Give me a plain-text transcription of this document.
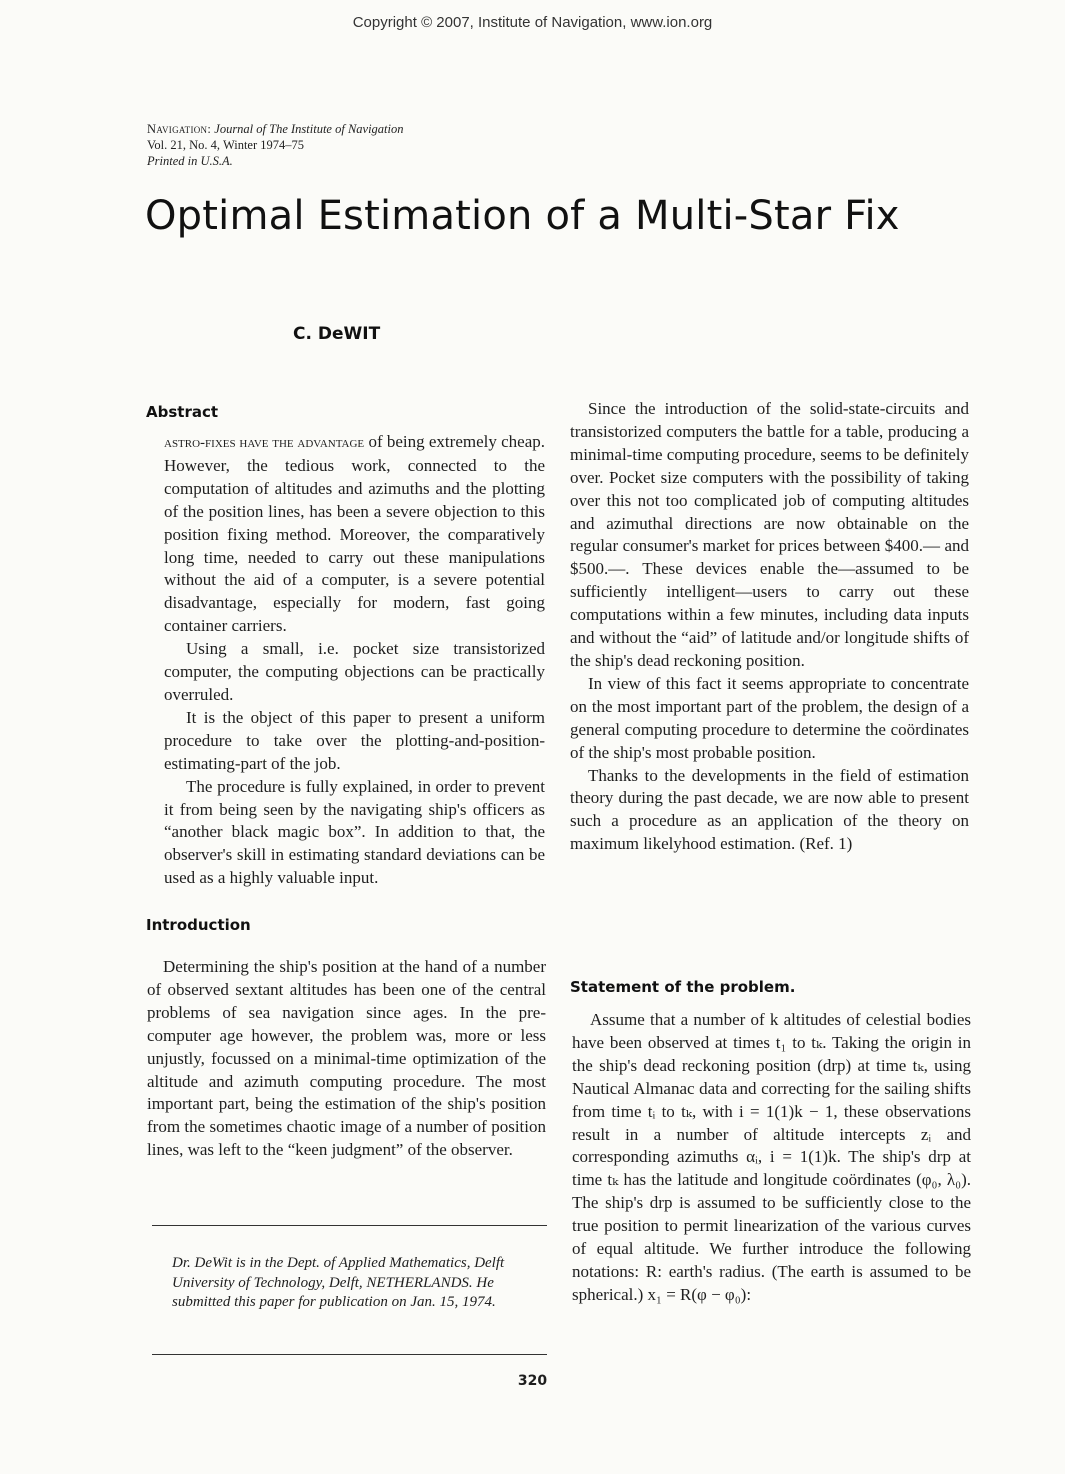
Copyright © 2007, Institute of Navigation, www.ion.org
Navigation: Journal of The Institute of Navigation
Vol. 21, No. 4, Winter 1974–75
Printed in U.S.A.
Optimal Estimation of a Multi-Star Fix
C. DeWIT
Abstract

astro-fixes have the advantage of being extremely cheap. However, the tedious work, connected to the computation of altitudes and azimuths and the plotting of the position lines, has been a severe objection to this position fixing method. Moreover, the comparatively long time, needed to carry out these manipulations without the aid of a computer, is a severe potential disadvantage, especially for modern, fast going container carriers.

Using a small, i.e. pocket size transistorized computer, the computing objections can be practically overruled.

It is the object of this paper to present a uniform procedure to take over the plotting-and-position-estimating-part of the job.

The procedure is fully explained, in order to prevent it from being seen by the navigating ship's officers as “another black magic box”. In addition to that, the observer's skill in estimating standard deviations can be used as a highly valuable input.

Introduction

Determining the ship's position at the hand of a number of observed sextant altitudes has been one of the central problems of sea navigation since ages. In the pre-computer age however, the problem was, more or less unjustly, focussed on a minimal-time optimization of the altitude and azimuth computing procedure. The most important part, being the estimation of the ship's position from the sometimes chaotic image of a number of position lines, was left to the “keen judgment” of the observer.

Dr. DeWit is in the Dept. of Applied Mathematics, Delft University of Technology, Delft, NETHERLANDS. He submitted this paper for publication on Jan. 15, 1974.

Since the introduction of the solid-state-circuits and transistorized computers the battle for a table, producing a minimal-time computing procedure, seems to be definitely over. Pocket size computers with the possibility of taking over this not too complicated job of computing altitudes and azimuthal directions are now obtainable on the regular consumer's market for prices between $400.— and $500.—. These devices enable the—assumed to be sufficiently intelligent—users to carry out these computations within a few minutes, including data inputs and without the “aid” of latitude and/or longitude shifts of the ship's dead reckoning position.

In view of this fact it seems appropriate to concentrate on the most important part of the problem, the design of a general computing procedure to determine the coördinates of the ship's most probable position.

Thanks to the developments in the field of estimation theory during the past decade, we are now able to present such a procedure as an application of the theory on maximum likelyhood estimation. (Ref. 1)

Statement of the problem.

Assume that a number of k altitudes of celestial bodies have been observed at times t₁ to tₖ. Taking the origin in the ship's dead reckoning position (drp) at time tₖ, using Nautical Almanac data and correcting for the sailing shifts from time tᵢ to tₖ, with i = 1(1)k − 1, these observations result in a number of altitude intercepts zᵢ and corresponding azimuths αᵢ, i = 1(1)k. The ship's drp at time tₖ has the latitude and longitude coördinates (φ₀, λ₀). The ship's drp is assumed to be sufficiently close to the true position to permit linearization of the various curves of equal altitude. We further introduce the following notations: R: earth's radius. (The earth is assumed to be spherical.) x₁ = R(φ − φ₀):

320
